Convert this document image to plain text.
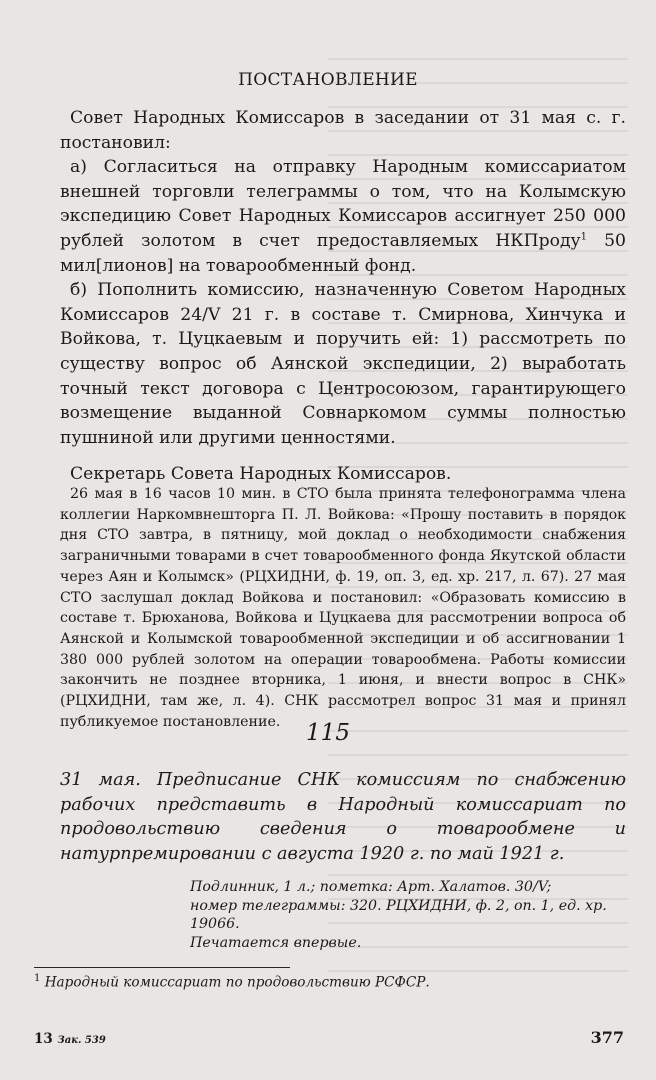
ПОСТАНОВЛЕНИЕ

Совет Народных Комиссаров в заседании от 31 мая с. г. постановил:

а) Согласиться на отправку Народным комиссариатом внешней торговли телеграммы о том, что на Колымскую экспедицию Совет Народных Комиссаров ассигнует 250 000 рублей золотом в счет предоставляемых НКПроду$^1$ 50 мил[лионов] на товарообменный фонд.

б) Пополнить комиссию, назначенную Советом Народных Комиссаров 24/V 21 г. в составе т. Смирнова, Хинчука и Войкова, т. Цуцкаевым и поручить ей: 1) рассмотреть по существу вопрос об Аянской экспедиции, 2) выработать точный текст договора с Центросоюзом, гарантирующего возмещение выданной Совнаркомом суммы полностью пушниной или другими ценностями.

Секретарь Совета Народных Комиссаров.

26 мая в 16 часов 10 мин. в СТО была принята телефонограмма члена коллегии Наркомвнешторга П. Л. Войкова: «Прошу поставить в порядок дня СТО завтра, в пятницу, мой доклад о необходимости снабжения заграничными товарами в счет товарообменного фонда Якутской области через Аян и Колымск» (РЦХИДНИ, ф. 19, оп. 3, ед. хр. 217, л. 67). 27 мая СТО заслушал доклад Войкова и постановил: «Образовать комиссию в составе т. Брюханова, Войкова и Цуцкаева для рассмотрении вопроса об Аянской и Колымской товарообменной экспедиции и об ассигновании 1 380 000 рублей золотом на операции товарообмена. Работы комиссии закончить не позднее вторника, 1 июня, и внести вопрос в СНК» (РЦХИДНИ, там же, л. 4). СНК рассмотрел вопрос 31 мая и принял публикуемое постановление.	115

31 мая. Предписание СНК комиссиям по снабжению рабочих представить в Народный комиссариат по продовольствию сведения о товарообмене и натурпремировании с августа 1920 г. по май 1921 г.

Подлинник, 1 л.; пометка: Арт. Халатов. 30/V;

номер телеграммы: 320. РЦХИДНИ, ф. 2, оп. 1, ед. хр. 19066.

Печатается впервые.

$^1$ Народный комиссариат по продовольствию РСФСР.
13 Зак. 539	377
